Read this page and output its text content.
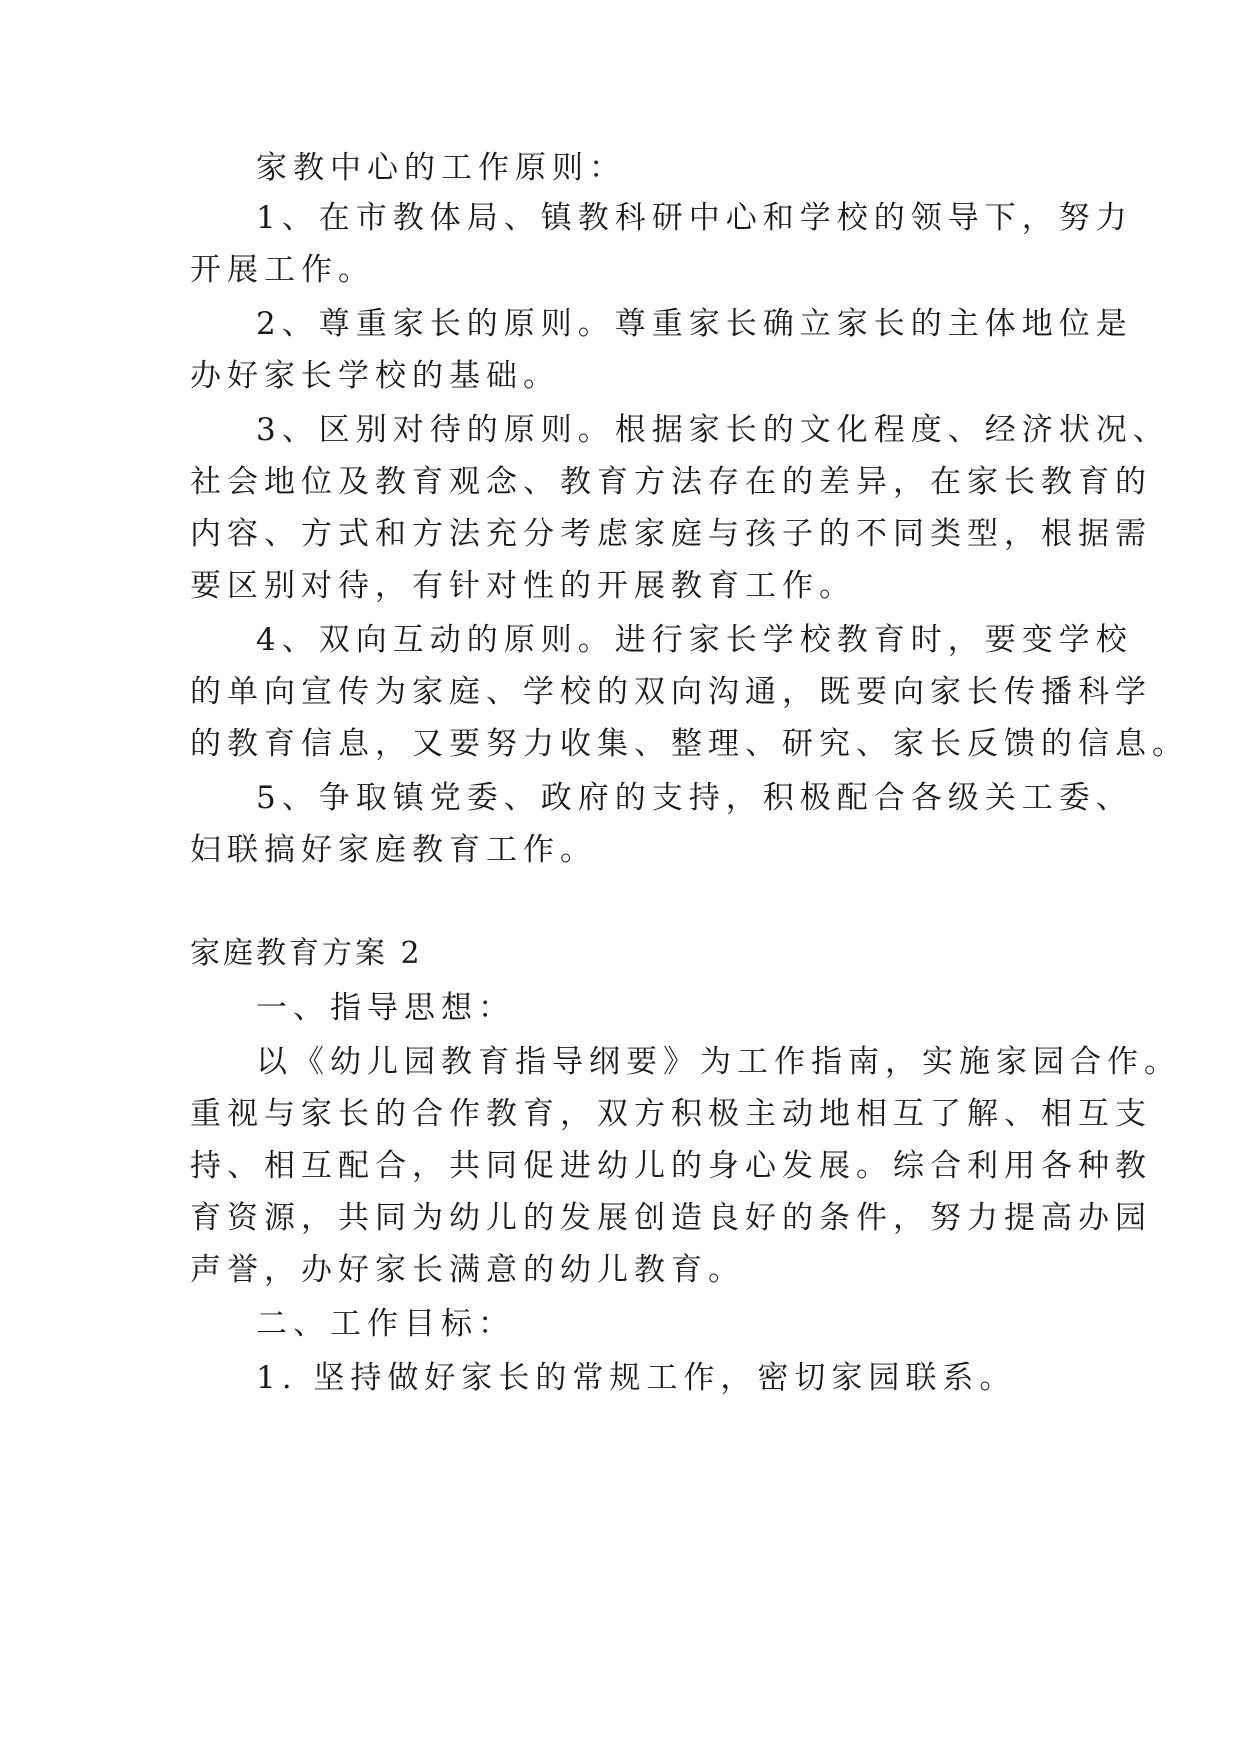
家教中心的工作原则：
1、在市教体局、镇教科研中心和学校的领导下，努力
开展工作。
2、尊重家长的原则。尊重家长确立家长的主体地位是
办好家长学校的基础。
3、区别对待的原则。根据家长的文化程度、经济状况、
社会地位及教育观念、教育方法存在的差异，在家长教育的
内容、方式和方法充分考虑家庭与孩子的不同类型，根据需
要区别对待，有针对性的开展教育工作。
4、双向互动的原则。进行家长学校教育时，要变学校
的单向宣传为家庭、学校的双向沟通，既要向家长传播科学
的教育信息，又要努力收集、整理、研究、家长反馈的信息。
5、争取镇党委、政府的支持，积极配合各级关工委、
妇联搞好家庭教育工作。
家庭教育方案 2
一、指导思想：
以《幼儿园教育指导纲要》为工作指南，实施家园合作。
重视与家长的合作教育，双方积极主动地相互了解、相互支
持、相互配合，共同促进幼儿的身心发展。综合利用各种教
育资源，共同为幼儿的发展创造良好的条件，努力提高办园
声誉，办好家长满意的幼儿教育。
二、工作目标：
1. 坚持做好家长的常规工作，密切家园联系。
